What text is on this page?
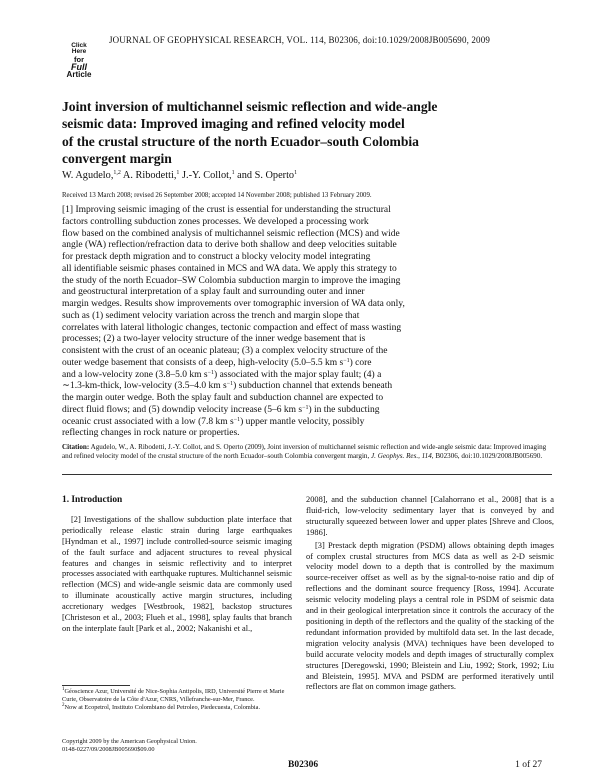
Click
Here
for
Full
Article
JOURNAL OF GEOPHYSICAL RESEARCH, VOL. 114, B02306, doi:10.1029/2008JB005690, 2009
Joint inversion of multichannel seismic reflection and wide-angle
seismic data: Improved imaging and refined velocity model
of the crustal structure of the north Ecuador–south Colombia
convergent margin
W. Agudelo,$^{1,2}$ A. Ribodetti,$^1$ J.-Y. Collot,$^1$ and S. Operto$^1$
Received 13 March 2008; revised 26 September 2008; accepted 14 November 2008; published 13 February 2009.
[1] Improving seismic imaging of the crust is essential for understanding the structural
factors controlling subduction zones processes. We developed a processing work
flow based on the combined analysis of multichannel seismic reflection (MCS) and wide
angle (WA) reflection/refraction data to derive both shallow and deep velocities suitable
for prestack depth migration and to construct a blocky velocity model integrating
all identifiable seismic phases contained in MCS and WA data. We apply this strategy to
the study of the north Ecuador–SW Colombia subduction margin to improve the imaging
and geostructural interpretation of a splay fault and surrounding outer and inner
margin wedges. Results show improvements over tomographic inversion of WA data only,
such as (1) sediment velocity variation across the trench and margin slope that
correlates with lateral lithologic changes, tectonic compaction and effect of mass wasting
processes; (2) a two-layer velocity structure of the inner wedge basement that is
consistent with the crust of an oceanic plateau; (3) a complex velocity structure of the
outer wedge basement that consists of a deep, high-velocity (5.0–5.5 km $s^{-1}$) core
and a low-velocity zone (3.8–5.0 km $s^{-1}$) associated with the major splay fault; (4) a
∼1.3-km-thick, low-velocity (3.5–4.0 km $s^{-1}$) subduction channel that extends beneath
the margin outer wedge. Both the splay fault and subduction channel are expected to
direct fluid flows; and (5) downdip velocity increase (5–6 km $s^{-1}$) in the subducting
oceanic crust associated with a low (7.8 km $s^{-1}$) upper mantle velocity, possibly
reflecting changes in rock nature or properties.
Citation: Agudelo, W., A. Ribodetti, J.-Y. Collot, and S. Operto (2009), Joint inversion of multichannel seismic reflection and wide-angle seismic data: Improved imaging and refined velocity model of the crustal structure of the north Ecuador–south Colombia convergent margin, J. Geophys. Res., 114, B02306, doi:10.1029/2008JB005690.
1. Introduction
[2] Investigations of the shallow subduction plate interface that periodically release elastic strain during large earthquakes [Hyndman et al., 1997] include controlled-source seismic imaging of the fault surface and adjacent structures to reveal physical features and changes in seismic reflectivity and to interpret processes associated with earthquake ruptures. Multichannel seismic reflection (MCS) and wide-angle seismic data are commonly used to illuminate acoustically active margin structures, including accretionary wedges [Westbrook, 1982], backstop structures [Christeson et al., 2003; Flueh et al., 1998], splay faults that branch on the interplate fault [Park et al., 2002; Nakanishi et al.,
2008], and the subduction channel [Calahorrano et al., 2008] that is a fluid-rich, low-velocity sedimentary layer that is conveyed by and structurally squeezed between lower and upper plates [Shreve and Cloos, 1986].
[3] Prestack depth migration (PSDM) allows obtaining depth images of complex crustal structures from MCS data as well as 2-D seismic velocity model down to a depth that is controlled by the maximum source-receiver offset as well as by the signal-to-noise ratio and dip of reflections and the dominant source frequency [Ross, 1994]. Accurate seismic velocity modeling plays a central role in PSDM of seismic data and in their geological interpretation since it controls the accuracy of the positioning in depth of the reflectors and the quality of the stacking of the redundant information provided by multifold data set. In the last decade, migration velocity analysis (MVA) techniques have been developed to build accurate velocity models and depth images of structurally complex structures [Deregowski, 1990; Bleistein and Liu, 1992; Stork, 1992; Liu and Bleistein, 1995]. MVA and PSDM are performed iteratively until reflectors are flat on common image gathers.
$^1$Géoscience Azur, Université de Nice-Sophia Antipolis, IRD, Université Pierre et Marie Curie, Observatoire de la Côte d'Azur, CNRS, Villefranche-sur-Mer, France.
$^2$Now at Ecopetrol, Instituto Colombiano del Petroleo, Piedecuesta, Colombia.
Copyright 2009 by the American Geophysical Union.
0148-0227/09/2008JB005690$09.00
B02306	1 of 27
